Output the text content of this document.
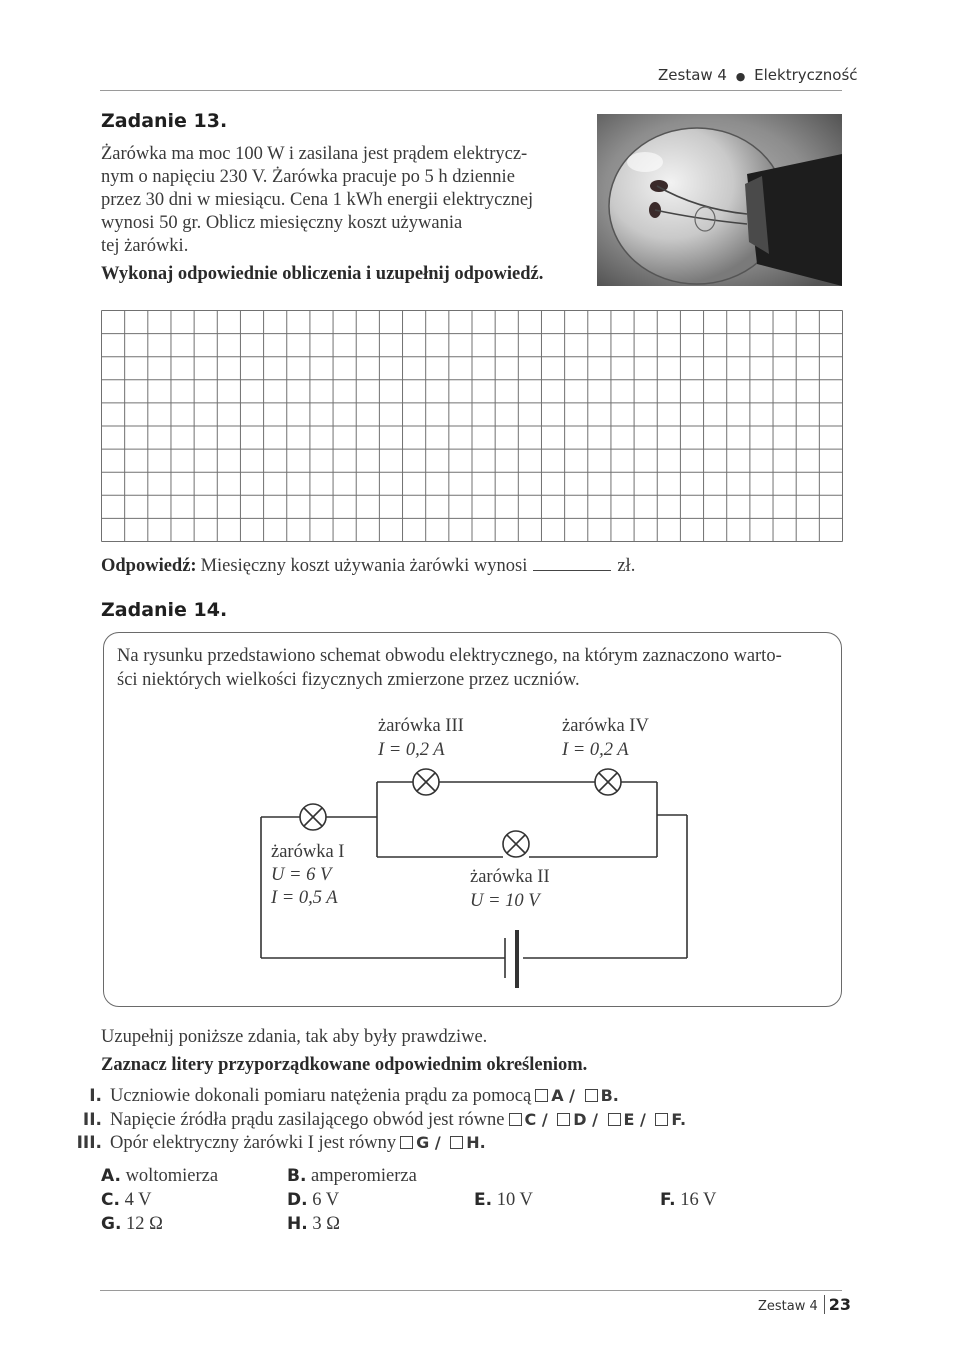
Zestaw 4 ● Elektryczność
Zadanie 13.
Żarówka ma moc 100 W i zasilana jest prądem elektrycz-
nym o napięciu 230 V. Żarówka pracuje po 5 h dziennie
przez 30 dni w miesiącu. Cena 1 kWh energii elektrycznej
wynosi 50 gr. Oblicz miesięczny koszt używania
tej żarówki.
Wykonaj odpowiednie obliczenia i uzupełnij odpowiedź.
Odpowiedź: Miesięczny koszt używania żarówki wynosi	zł.
Zadanie 14.
Na rysunku przedstawiono schemat obwodu elektrycznego, na którym zaznaczono warto-
ści niektórych wielkości fizycznych zmierzone przez uczniów.
żarówka III
I = 0,2 A
żarówka IV
I = 0,2 A
żarówka I
U = 6 V
I = 0,5 A
żarówka II
U = 10 V
Uzupełnij poniższe zdania, tak aby były prawdziwe.
Zaznacz litery przyporządkowane odpowiednim określeniom.
I. Uczniowie dokonali pomiaru natężenia prądu za pomocą A / B.
II. Napięcie źródła prądu zasilającego obwód jest równe C / D / E / F.
III. Opór elektryczny żarówki I jest równy G / H.
A. woltomierza	B. amperomierza
C. 4 V	D. 6 V	E. 10 V	F. 16 V
G. 12 Ω	H. 3 Ω
Zestaw 4 23
